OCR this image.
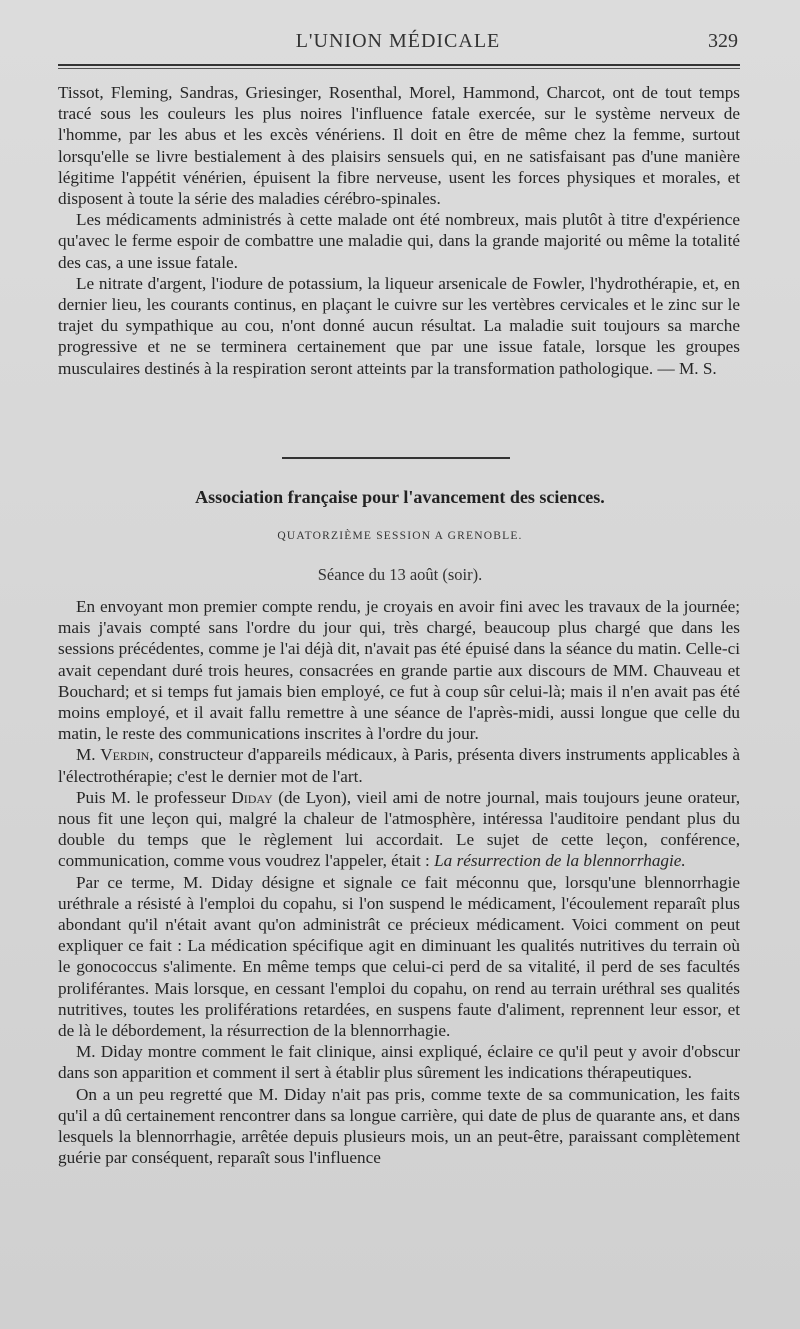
L'UNION MÉDICALE	329

Tissot, Fleming, Sandras, Griesinger, Rosenthal, Morel, Hammond, Charcot, ont de tout temps tracé sous les couleurs les plus noires l'influence fatale exercée, sur le système nerveux de l'homme, par les abus et les excès vénériens. Il doit en être de même chez la femme, surtout lorsqu'elle se livre bestialement à des plaisirs sensuels qui, en ne satisfaisant pas d'une manière légitime l'appétit vénérien, épuisent la fibre nerveuse, usent les forces physiques et morales, et disposent à toute la série des maladies cérébro-spinales.

Les médicaments administrés à cette malade ont été nombreux, mais plutôt à titre d'expérience qu'avec le ferme espoir de combattre une maladie qui, dans la grande majorité ou même la totalité des cas, a une issue fatale.

Le nitrate d'argent, l'iodure de potassium, la liqueur arsenicale de Fowler, l'hydrothérapie, et, en dernier lieu, les courants continus, en plaçant le cuivre sur les vertèbres cervicales et le zinc sur le trajet du sympathique au cou, n'ont donné aucun résultat. La maladie suit toujours sa marche progressive et ne se terminera certainement que par une issue fatale, lorsque les groupes musculaires destinés à la respiration seront atteints par la transformation pathologique. — M. S.

Association française pour l'avancement des sciences.
QUATORZIÈME SESSION A GRENOBLE.
Séance du 13 août (soir).

En envoyant mon premier compte rendu, je croyais en avoir fini avec les travaux de la journée; mais j'avais compté sans l'ordre du jour qui, très chargé, beaucoup plus chargé que dans les sessions précédentes, comme je l'ai déjà dit, n'avait pas été épuisé dans la séance du matin. Celle-ci avait cependant duré trois heures, consacrées en grande partie aux discours de MM. Chauveau et Bouchard; et si temps fut jamais bien employé, ce fut à coup sûr celui-là; mais il n'en avait pas été moins employé, et il avait fallu remettre à une séance de l'après-midi, aussi longue que celle du matin, le reste des communications inscrites à l'ordre du jour.

M. Verdin, constructeur d'appareils médicaux, à Paris, présenta divers instruments applicables à l'électrothérapie; c'est le dernier mot de l'art.

Puis M. le professeur Diday (de Lyon), vieil ami de notre journal, mais toujours jeune orateur, nous fit une leçon qui, malgré la chaleur de l'atmosphère, intéressa l'auditoire pendant plus du double du temps que le règlement lui accordait. Le sujet de cette leçon, conférence, communication, comme vous voudrez l'appeler, était : La résurrection de la blennorrhagie.

Par ce terme, M. Diday désigne et signale ce fait méconnu que, lorsqu'une blennorrhagie uréthrale a résisté à l'emploi du copahu, si l'on suspend le médicament, l'écoulement reparaît plus abondant qu'il n'était avant qu'on administrât ce précieux médicament. Voici comment on peut expliquer ce fait : La médication spécifique agit en diminuant les qualités nutritives du terrain où le gonococcus s'alimente. En même temps que celui-ci perd de sa vitalité, il perd de ses facultés proliférantes. Mais lorsque, en cessant l'emploi du copahu, on rend au terrain uréthral ses qualités nutritives, toutes les proliférations retardées, en suspens faute d'aliment, reprennent leur essor, et de là le débordement, la résurrection de la blennorrhagie.

M. Diday montre comment le fait clinique, ainsi expliqué, éclaire ce qu'il peut y avoir d'obscur dans son apparition et comment il sert à établir plus sûrement les indications thérapeutiques.

On a un peu regretté que M. Diday n'ait pas pris, comme texte de sa communication, les faits qu'il a dû certainement rencontrer dans sa longue carrière, qui date de plus de quarante ans, et dans lesquels la blennorrhagie, arrêtée depuis plusieurs mois, un an peut-être, paraissant complètement guérie par conséquent, reparaît sous l'influence
